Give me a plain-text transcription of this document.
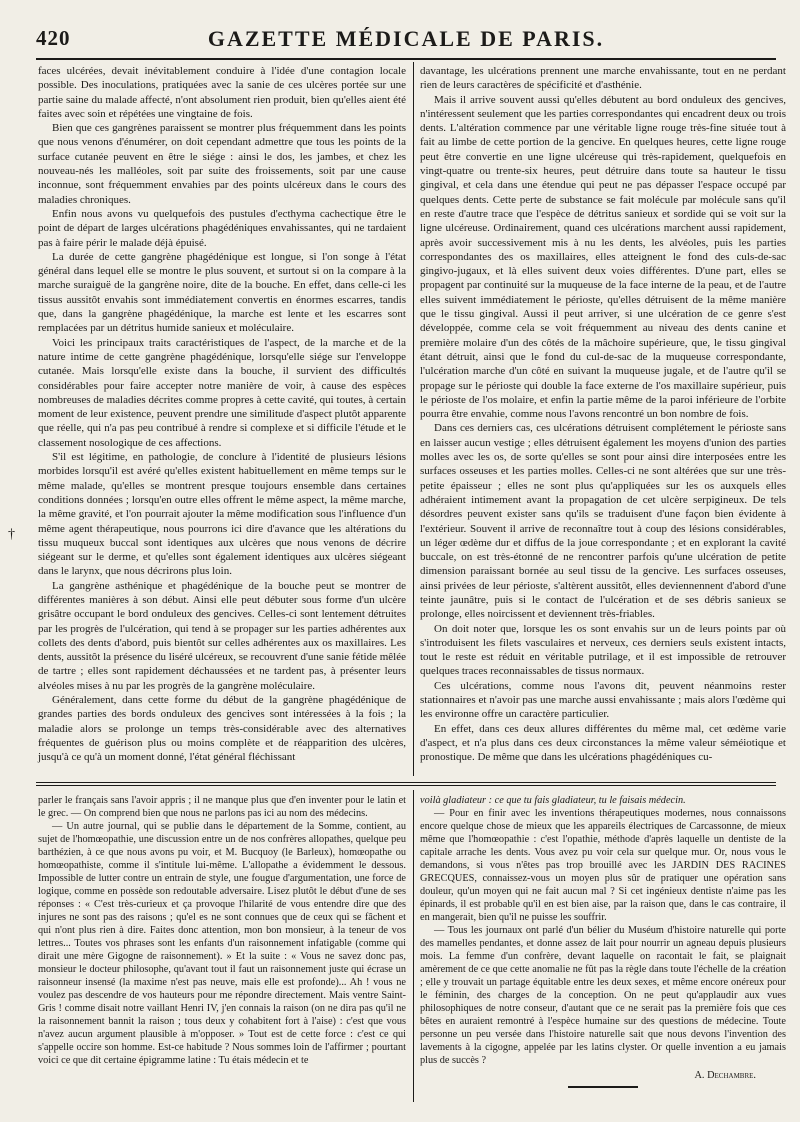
420	GAZETTE MÉDICALE DE PARIS.
†

faces ulcérées, devait inévitablement conduire à l'idée d'une contagion locale possible. Des inoculations, pratiquées avec la sanie de ces ulcères portée sur une partie saine du malade affecté, n'ont absolument rien produit, bien qu'elles aient été faites avec soin et répétées une vingtaine de fois.

Bien que ces gangrènes paraissent se montrer plus fréquemment dans les points que nous venons d'énumérer, on doit cependant admettre que tous les points de la surface cutanée peuvent en être le siége : ainsi le dos, les jambes, et chez les nouveau-nés les malléoles, soit par suite des froissements, soit par une cause inconnue, sont fréquemment envahies par des points ulcéreux dans le cours des maladies chroniques.

Enfin nous avons vu quelquefois des pustules d'ecthyma cachectique être le point de départ de larges ulcérations phagédéniques envahissantes, qui ne tardaient pas à faire périr le malade déjà épuisé.

La durée de cette gangrène phagédénique est longue, si l'on songe à l'état général dans lequel elle se montre le plus souvent, et surtout si on la compare à la marche suraiguë de la gangrène noire, dite de la bouche. En effet, dans celle-ci les tissus aussitôt envahis sont immédiatement convertis en énormes escarres, tandis que, dans la gangrène phagédénique, la marche est lente et les escarres sont remplacées par un détritus humide sanieux et moléculaire.

Voici les principaux traits caractéristiques de l'aspect, de la marche et de la nature intime de cette gangrène phagédénique, lorsqu'elle siége sur l'enveloppe cutanée. Mais lorsqu'elle existe dans la bouche, il survient des difficultés considérables pour faire accepter notre manière de voir, à cause des espèces nombreuses de maladies décrites comme propres à cette cavité, qui toutes, à certain moment de leur existence, peuvent prendre une similitude d'aspect plutôt apparente que réelle, qui n'a pas peu contribué à rendre si complexe et si difficile l'étude et le classement nosologique de ces affections.

S'il est légitime, en pathologie, de conclure à l'identité de plusieurs lésions morbides lorsqu'il est avéré qu'elles existent habituellement en même temps sur le même malade, qu'elles se montrent presque toujours ensemble dans certaines conditions données ; lorsqu'en outre elles offrent le même aspect, la même marche, la même gravité, et l'on pourrait ajouter la même modification sous l'influence d'un même agent thérapeutique, nous pourrons ici dire d'avance que les altérations du tissu muqueux buccal sont identiques aux ulcères que nous venons de décrire siégeant sur le derme, et qu'elles sont également identiques aux ulcères siégeant dans le larynx, que nous décrirons plus loin.

La gangrène asthénique et phagédénique de la bouche peut se montrer de différentes manières à son début. Ainsi elle peut débuter sous forme d'un ulcère grisâtre occupant le bord onduleux des gencives. Celles-ci sont lentement détruites par les progrès de l'ulcération, qui tend à se propager sur les parties adhérentes aux collets des dents d'abord, puis bientôt sur celles adhérentes aux os maxillaires. Les dents, aussitôt la présence du liséré ulcéreux, se recouvrent d'une sanie fétide mêlée de tartre ; elles sont rapidement déchaussées et ne tardent pas, à présenter leurs alvéoles mises à nu par les progrès de la gangrène moléculaire.

Généralement, dans cette forme du début de la gangrène phagédénique de grandes parties des bords onduleux des gencives sont intéressées à la fois ; la maladie alors se prolonge un temps très-considérable avec des alternatives fréquentes de guérison plus ou moins complète et de réapparition des ulcères, jusqu'à ce qu'à un moment donné, l'état général fléchissant

davantage, les ulcérations prennent une marche envahissante, tout en ne perdant rien de leurs caractères de spécificité et d'asthénie.

Mais il arrive souvent aussi qu'elles débutent au bord onduleux des gencives, n'intéressent seulement que les parties correspondantes qui encadrent deux ou trois dents. L'altération commence par une véritable ligne rouge très-fine située tout à fait au limbe de cette portion de la gencive. En quelques heures, cette ligne rouge peut être convertie en une ligne ulcéreuse qui très-rapidement, quelquefois en vingt-quatre ou trente-six heures, peut détruire dans toute sa hauteur le tissu gingival, et cela dans une étendue qui peut ne pas dépasser l'espace occupé par quelques dents. Cette perte de substance se fait molécule par molécule sans qu'il en reste d'autre trace que l'espèce de détritus sanieux et sordide qui se voit sur la ligne ulcéreuse. Ordinairement, quand ces ulcérations marchent aussi rapidement, après avoir successivement mis à nu les dents, les alvéoles, puis les parties correspondantes des os maxillaires, elles atteignent le fond des culs-de-sac gingivo-jugaux, et là elles suivent deux voies différentes. D'une part, elles se propagent par continuité sur la muqueuse de la face interne de la peau, et de l'autre elles suivent immédiatement le périoste, qu'elles détruisent de la même manière que le tissu gingival. Aussi il peut arriver, si une ulcération de ce genre s'est développée, comme cela se voit fréquemment au niveau des dents canine et première molaire d'un des côtés de la mâchoire supérieure, que, le tissu gingival étant détruit, ainsi que le fond du cul-de-sac de la muqueuse correspondante, l'ulcération marche d'un côté en suivant la muqueuse jugale, et de l'autre qu'il se propage sur le périoste qui double la face externe de l'os maxillaire supérieur, puis le périoste de l'os molaire, et enfin la partie même de la paroi inférieure de l'orbite pourra être envahie, comme nous l'avons rencontré un bon nombre de fois.

Dans ces derniers cas, ces ulcérations détruisent complétement le périoste sans en laisser aucun vestige ; elles détruisent également les moyens d'union des parties molles avec les os, de sorte qu'elles se sont pour ainsi dire interposées entre les surfaces osseuses et les parties molles. Celles-ci ne sont altérées que sur une très-petite épaisseur ; elles ne sont plus qu'appliquées sur les os auxquels elles adhéraient intimement avant la propagation de cet ulcère serpigineux. De tels désordres peuvent exister sans qu'ils se traduisent d'une façon bien évidente à l'extérieur. Souvent il arrive de reconnaître tout à coup des lésions considérables, un léger œdème dur et diffus de la joue correspondante ; et en explorant la cavité buccale, on est très-étonné de ne rencontrer parfois qu'une ulcération de petite dimension paraissant bornée au seul tissu de la gencive. Les surfaces osseuses, ainsi privées de leur périoste, s'altèrent aussitôt, elles deviennennent d'abord d'une teinte jaunâtre, puis si le contact de l'ulcération et de ses débris sanieux se prolonge, elles noircissent et deviennent très-friables.

On doit noter que, lorsque les os sont envahis sur un de leurs points par où s'introduisent les filets vasculaires et nerveux, ces derniers seuls existent intacts, tout le reste est réduit en véritable putrilage, et il est impossible de retrouver quelques traces reconnaissables de tissus normaux.

Ces ulcérations, comme nous l'avons dit, peuvent néanmoins rester stationnaires et n'avoir pas une marche aussi envahissante ; mais alors l'œdème qui les environne offre un caractère particulier.

En effet, dans ces deux allures différentes du même mal, cet œdème varie d'aspect, et n'a plus dans ces deux circonstances la même valeur séméiotique et pronostique. De même que dans les ulcérations phagédéniques cu-

parler le français sans l'avoir appris ; il ne manque plus que d'en inventer pour le latin et le grec. — On comprend bien que nous ne parlons pas ici au nom des médecins.

— Un autre journal, qui se publie dans le département de la Somme, contient, au sujet de l'homœopathie, une discussion entre un de nos confrères allopathes, quelque peu barthézien, à ce que nous avons pu voir, et M. Bucquoy (le Barleux), homœopathe ou homœopathiste, comme il s'intitule lui-même. L'allopathe a évidemment le dessous. Impossible de lutter contre un entrain de style, une fougue d'argumentation, une force de logique, comme en possède son redoutable adversaire. Lisez plutôt le début d'une de ses réponses : « C'est très-curieux et ça provoque l'hilarité de vous entendre dire que des injures ne sont pas des raisons ; qu'el es ne sont connues que de ceux qui se fâchent et qui n'ont plus rien à dire. Faites donc attention, mon bon monsieur, à la teneur de vos lettres... Toutes vos phrases sont les enfants d'un raisonnement infatigable (comme qui dirait une mère Gigogne de raisonnement). » Et la suite : « Vous ne savez donc pas, monsieur le docteur philosophe, qu'avant tout il faut un raisonnement juste qui écrase un raisonneur insensé (la maxime n'est pas neuve, mais elle est profonde)... Ah ! vous ne voulez pas descendre de vos hauteurs pour me répondre directement. Mais ventre Saint-Gris ! comme disait notre vaillant Henri IV, j'en connais la raison (on ne dira pas qu'il ne la raisonnement bannit la raison ; tous deux y cohabitent fort à l'aise) : c'est que vous n'avez aucun argument plausible à m'opposer. » Tout est de cette force : c'est ce qui s'appelle occire son homme. Est-ce habitude ? Nous sommes loin de l'affirmer ; pourtant voici ce que dit certaine épigramme latine : Tu étais médecin et te

voilà gladiateur : ce que tu fais gladiateur, tu le faisais médecin.

— Pour en finir avec les inventions thérapeutiques modernes, nous connaissons encore quelque chose de mieux que les appareils électriques de Carcassonne, de mieux même que l'homœopathie : c'est l'opathie, méthode d'après laquelle un dentiste de la capitale arrache les dents. Vous avez pu voir cela sur quelque mur. Or, nous vous le demandons, si vous n'êtes pas trop brouillé avec les JARDIN DES RACINES GRECQUES, connaissez-vous un moyen plus sûr de pratiquer une opération sans douleur, qu'un moyen qui ne fait aucun mal ? Si cet ingénieux dentiste n'aime pas les épinards, il est probable qu'il en est bien aise, par la raison que, dans le cas contraire, il en mangerait, bien qu'il ne puisse les souffrir.

— Tous les journaux ont parlé d'un bélier du Muséum d'histoire naturelle qui porte des mamelles pendantes, et donne assez de lait pour nourrir un agneau depuis plusieurs mois. La femme d'un confrère, devant laquelle on racontait le fait, se plaignait amèrement de ce que cette anomalie ne fût pas la règle dans toute l'échelle de la création ; elle y trouvait un partage équitable entre les deux sexes, et même encore onéreux pour le féminin, des charges de la conception. On ne peut qu'applaudir aux vues philosophiques de notre conseur, d'autant que ce ne serait pas la première fois que ces bêtes en auraient remontré à l'espèce humaine sur des questions de médecine. Toute personne un peu versée dans l'histoire naturelle sait que nous devons l'invention des lavements à la cigogne, appelée par les latins clyster. Or quelle invention a eu jamais plus de succès ?

A. Dechambre.
